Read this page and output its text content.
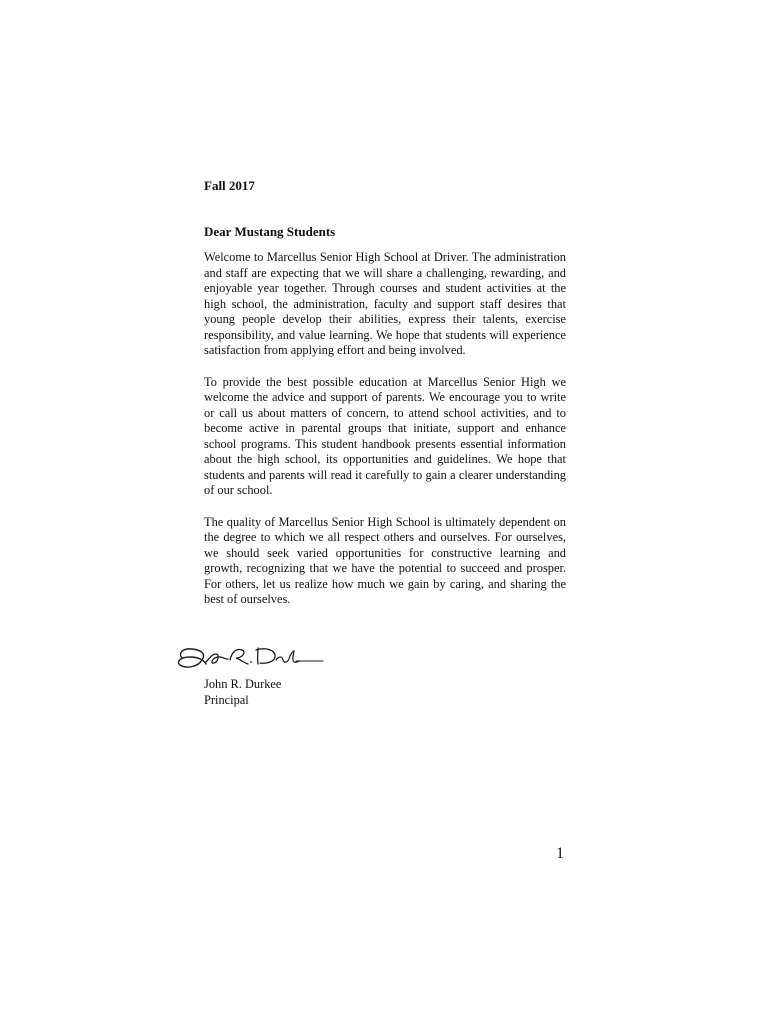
Fall 2017
Dear Mustang Students

Welcome to Marcellus Senior High School at Driver. The administration and staff are expecting that we will share a challenging, rewarding, and enjoyable year together. Through courses and student activities at the high school, the administration, faculty and support staff desires that young people develop their abilities, express their talents, exercise responsibility, and value learning. We hope that students will experience satisfaction from applying effort and being involved.

To provide the best possible education at Marcellus Senior High we welcome the advice and support of parents. We encourage you to write or call us about matters of concern, to attend school activities, and to become active in parental groups that initiate, support and enhance school programs. This student handbook presents essential information about the high school, its opportunities and guidelines. We hope that students and parents will read it carefully to gain a clearer understanding of our school.

The quality of Marcellus Senior High School is ultimately dependent on the degree to which we all respect others and ourselves. For ourselves, we should seek varied opportunities for constructive learning and growth, recognizing that we have the potential to succeed and prosper. For others, let us realize how much we gain by caring, and sharing the best of ourselves.

John R. Durkee
Principal
1
